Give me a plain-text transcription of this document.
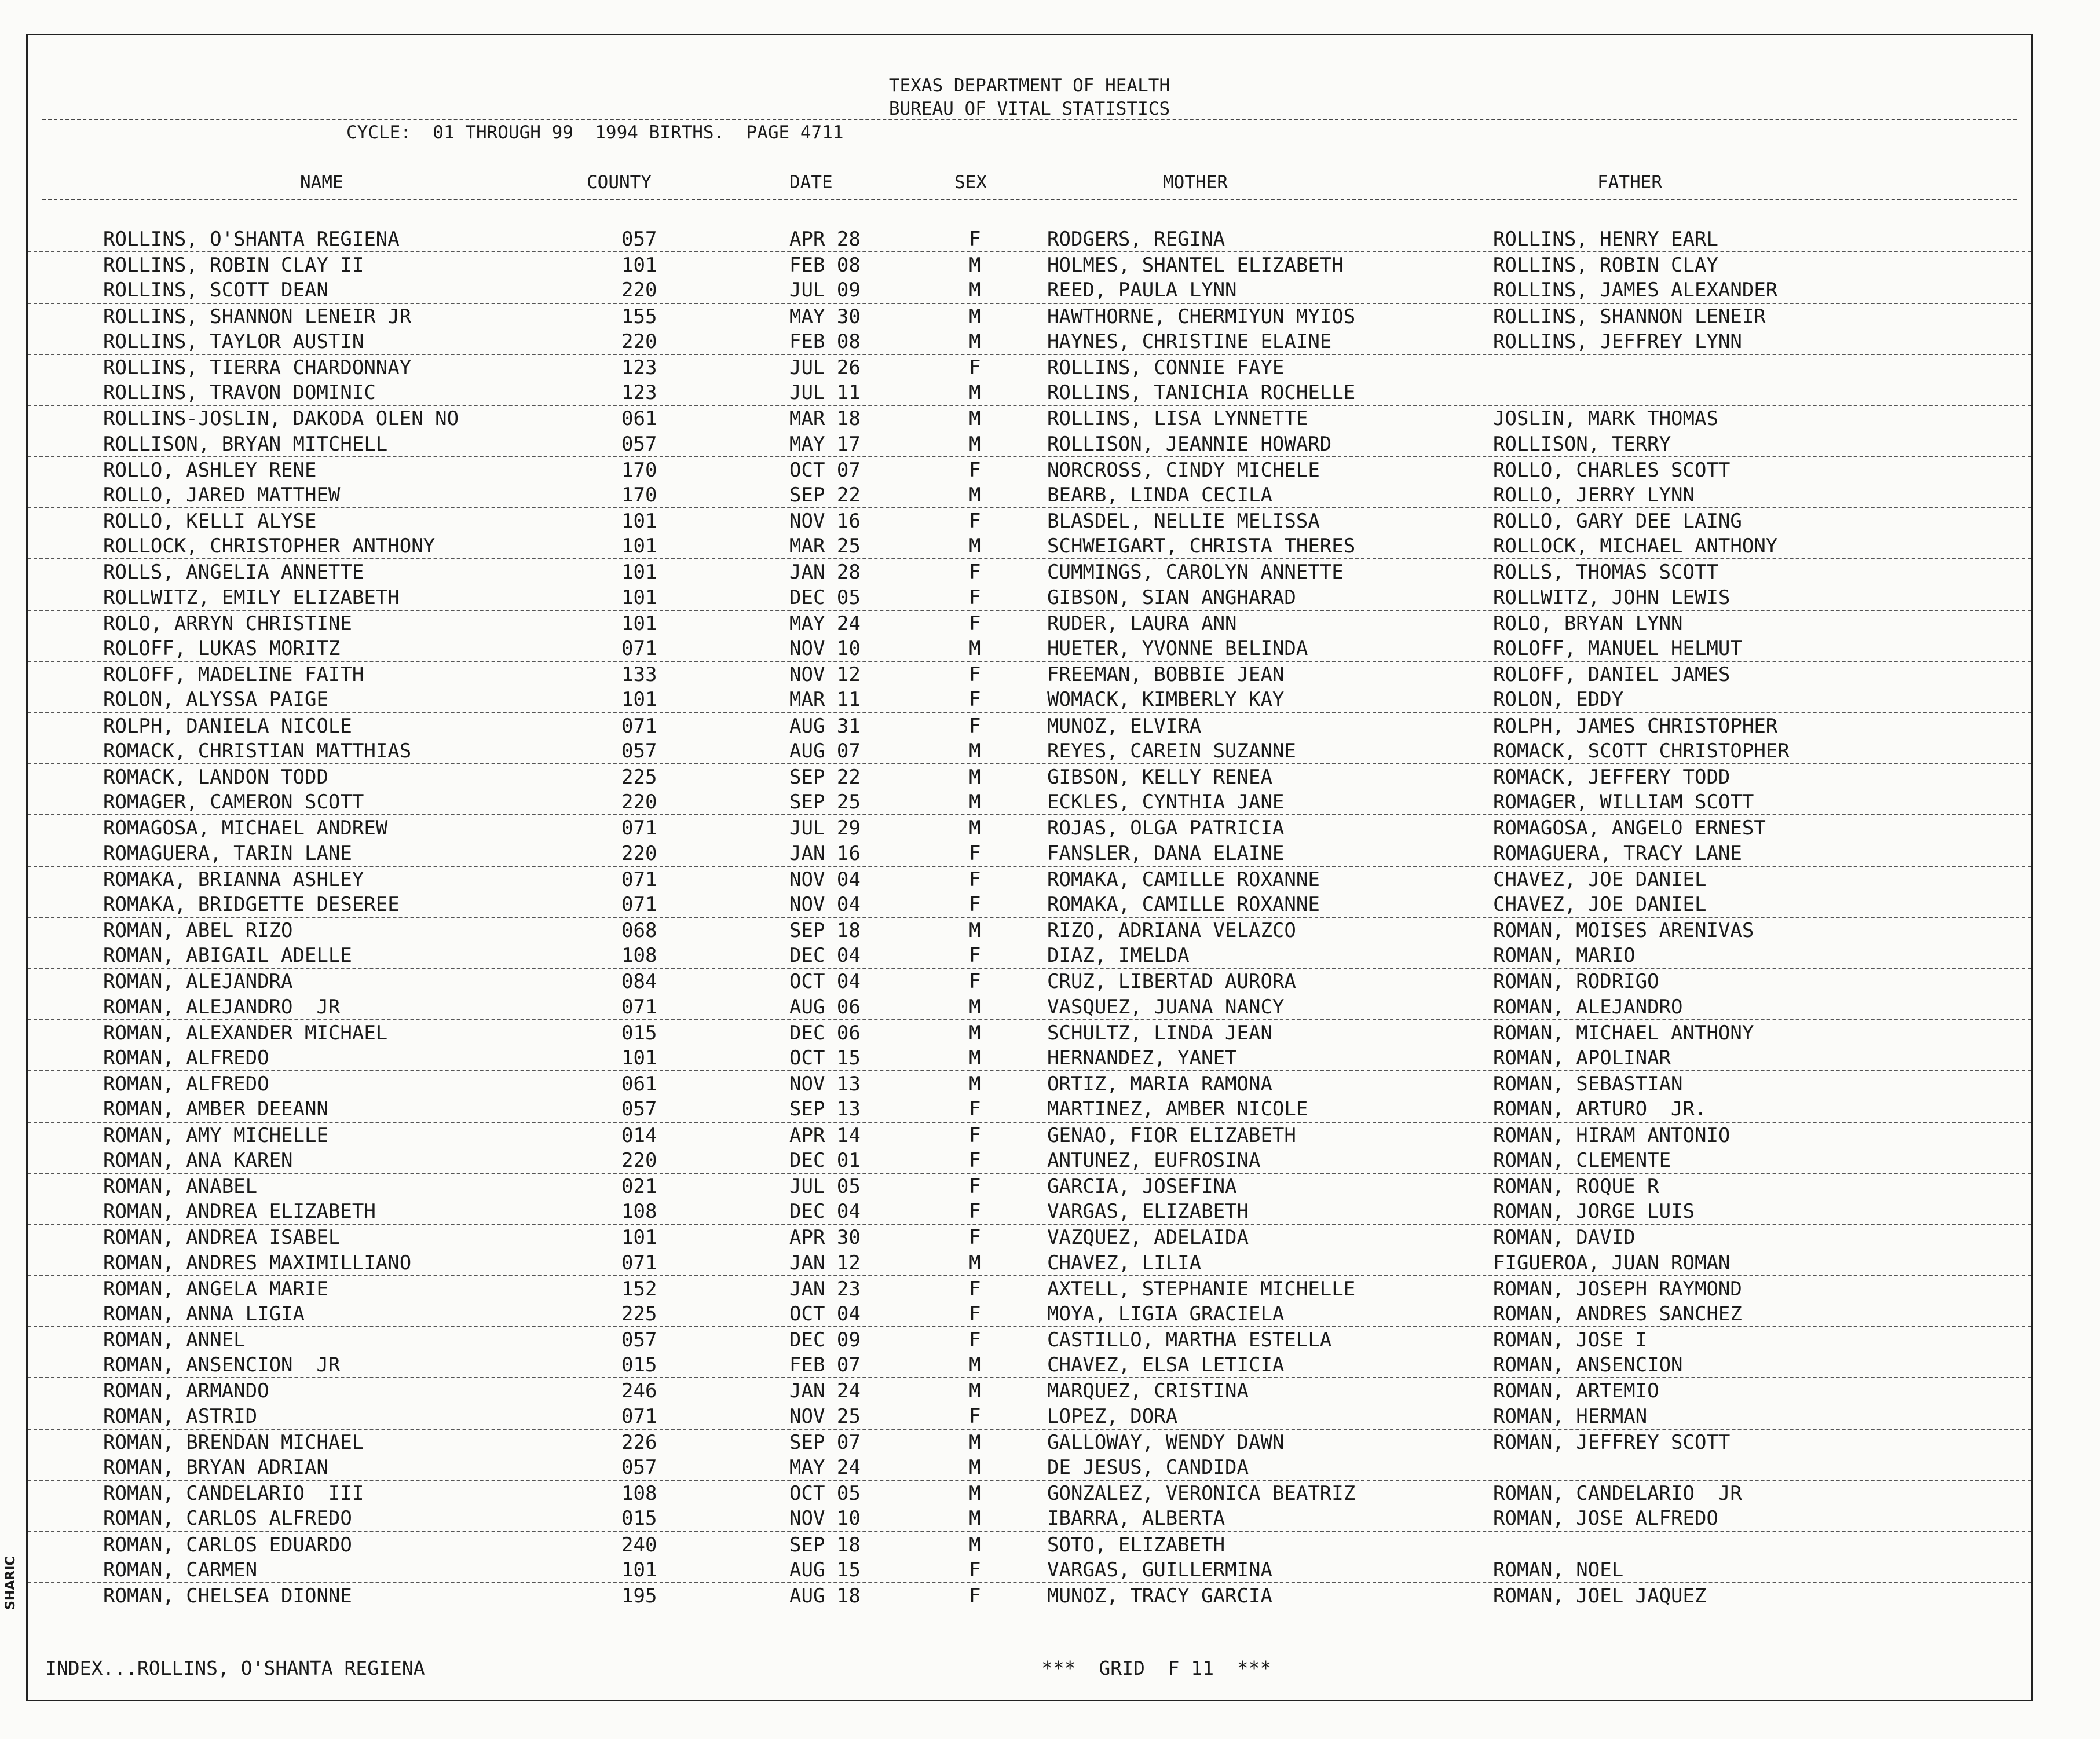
SHARIC
TEXAS DEPARTMENT OF HEALTH
BUREAU OF VITAL STATISTICS
CYCLE:  01 THROUGH 99  1994 BIRTHS.  PAGE 4711
NAME	COUNTY	DATE	SEX	MOTHER	FATHER
ROLLINS, O'SHANTA REGIENA	057	APR 28	F	RODGERS, REGINA	ROLLINS, HENRY EARL
ROLLINS, ROBIN CLAY II	101	FEB 08	M	HOLMES, SHANTEL ELIZABETH	ROLLINS, ROBIN CLAY
ROLLINS, SCOTT DEAN	220	JUL 09	M	REED, PAULA LYNN	ROLLINS, JAMES ALEXANDER
ROLLINS, SHANNON LENEIR JR	155	MAY 30	M	HAWTHORNE, CHERMIYUN MYIOS	ROLLINS, SHANNON LENEIR
ROLLINS, TAYLOR AUSTIN	220	FEB 08	M	HAYNES, CHRISTINE ELAINE	ROLLINS, JEFFREY LYNN
ROLLINS, TIERRA CHARDONNAY	123	JUL 26	F	ROLLINS, CONNIE FAYE
ROLLINS, TRAVON DOMINIC	123	JUL 11	M	ROLLINS, TANICHIA ROCHELLE
ROLLINS-JOSLIN, DAKODA OLEN NO	061	MAR 18	M	ROLLINS, LISA LYNNETTE	JOSLIN, MARK THOMAS
ROLLISON, BRYAN MITCHELL	057	MAY 17	M	ROLLISON, JEANNIE HOWARD	ROLLISON, TERRY
ROLLO, ASHLEY RENE	170	OCT 07	F	NORCROSS, CINDY MICHELE	ROLLO, CHARLES SCOTT
ROLLO, JARED MATTHEW	170	SEP 22	M	BEARB, LINDA CECILA	ROLLO, JERRY LYNN
ROLLO, KELLI ALYSE	101	NOV 16	F	BLASDEL, NELLIE MELISSA	ROLLO, GARY DEE LAING
ROLLOCK, CHRISTOPHER ANTHONY	101	MAR 25	M	SCHWEIGART, CHRISTA THERES	ROLLOCK, MICHAEL ANTHONY
ROLLS, ANGELIA ANNETTE	101	JAN 28	F	CUMMINGS, CAROLYN ANNETTE	ROLLS, THOMAS SCOTT
ROLLWITZ, EMILY ELIZABETH	101	DEC 05	F	GIBSON, SIAN ANGHARAD	ROLLWITZ, JOHN LEWIS
ROLO, ARRYN CHRISTINE	101	MAY 24	F	RUDER, LAURA ANN	ROLO, BRYAN LYNN
ROLOFF, LUKAS MORITZ	071	NOV 10	M	HUETER, YVONNE BELINDA	ROLOFF, MANUEL HELMUT
ROLOFF, MADELINE FAITH	133	NOV 12	F	FREEMAN, BOBBIE JEAN	ROLOFF, DANIEL JAMES
ROLON, ALYSSA PAIGE	101	MAR 11	F	WOMACK, KIMBERLY KAY	ROLON, EDDY
ROLPH, DANIELA NICOLE	071	AUG 31	F	MUNOZ, ELVIRA	ROLPH, JAMES CHRISTOPHER
ROMACK, CHRISTIAN MATTHIAS	057	AUG 07	M	REYES, CAREIN SUZANNE	ROMACK, SCOTT CHRISTOPHER
ROMACK, LANDON TODD	225	SEP 22	M	GIBSON, KELLY RENEA	ROMACK, JEFFERY TODD
ROMAGER, CAMERON SCOTT	220	SEP 25	M	ECKLES, CYNTHIA JANE	ROMAGER, WILLIAM SCOTT
ROMAGOSA, MICHAEL ANDREW	071	JUL 29	M	ROJAS, OLGA PATRICIA	ROMAGOSA, ANGELO ERNEST
ROMAGUERA, TARIN LANE	220	JAN 16	F	FANSLER, DANA ELAINE	ROMAGUERA, TRACY LANE
ROMAKA, BRIANNA ASHLEY	071	NOV 04	F	ROMAKA, CAMILLE ROXANNE	CHAVEZ, JOE DANIEL
ROMAKA, BRIDGETTE DESEREE	071	NOV 04	F	ROMAKA, CAMILLE ROXANNE	CHAVEZ, JOE DANIEL
ROMAN, ABEL RIZO	068	SEP 18	M	RIZO, ADRIANA VELAZCO	ROMAN, MOISES ARENIVAS
ROMAN, ABIGAIL ADELLE	108	DEC 04	F	DIAZ, IMELDA	ROMAN, MARIO
ROMAN, ALEJANDRA	084	OCT 04	F	CRUZ, LIBERTAD AURORA	ROMAN, RODRIGO
ROMAN, ALEJANDRO  JR	071	AUG 06	M	VASQUEZ, JUANA NANCY	ROMAN, ALEJANDRO
ROMAN, ALEXANDER MICHAEL	015	DEC 06	M	SCHULTZ, LINDA JEAN	ROMAN, MICHAEL ANTHONY
ROMAN, ALFREDO	101	OCT 15	M	HERNANDEZ, YANET	ROMAN, APOLINAR
ROMAN, ALFREDO	061	NOV 13	M	ORTIZ, MARIA RAMONA	ROMAN, SEBASTIAN
ROMAN, AMBER DEEANN	057	SEP 13	F	MARTINEZ, AMBER NICOLE	ROMAN, ARTURO  JR.
ROMAN, AMY MICHELLE	014	APR 14	F	GENAO, FIOR ELIZABETH	ROMAN, HIRAM ANTONIO
ROMAN, ANA KAREN	220	DEC 01	F	ANTUNEZ, EUFROSINA	ROMAN, CLEMENTE
ROMAN, ANABEL	021	JUL 05	F	GARCIA, JOSEFINA	ROMAN, ROQUE R
ROMAN, ANDREA ELIZABETH	108	DEC 04	F	VARGAS, ELIZABETH	ROMAN, JORGE LUIS
ROMAN, ANDREA ISABEL	101	APR 30	F	VAZQUEZ, ADELAIDA	ROMAN, DAVID
ROMAN, ANDRES MAXIMILLIANO	071	JAN 12	M	CHAVEZ, LILIA	FIGUEROA, JUAN ROMAN
ROMAN, ANGELA MARIE	152	JAN 23	F	AXTELL, STEPHANIE MICHELLE	ROMAN, JOSEPH RAYMOND
ROMAN, ANNA LIGIA	225	OCT 04	F	MOYA, LIGIA GRACIELA	ROMAN, ANDRES SANCHEZ
ROMAN, ANNEL	057	DEC 09	F	CASTILLO, MARTHA ESTELLA	ROMAN, JOSE I
ROMAN, ANSENCION  JR	015	FEB 07	M	CHAVEZ, ELSA LETICIA	ROMAN, ANSENCION
ROMAN, ARMANDO	246	JAN 24	M	MARQUEZ, CRISTINA	ROMAN, ARTEMIO
ROMAN, ASTRID	071	NOV 25	F	LOPEZ, DORA	ROMAN, HERMAN
ROMAN, BRENDAN MICHAEL	226	SEP 07	M	GALLOWAY, WENDY DAWN	ROMAN, JEFFREY SCOTT
ROMAN, BRYAN ADRIAN	057	MAY 24	M	DE JESUS, CANDIDA
ROMAN, CANDELARIO  III	108	OCT 05	M	GONZALEZ, VERONICA BEATRIZ	ROMAN, CANDELARIO  JR
ROMAN, CARLOS ALFREDO	015	NOV 10	M	IBARRA, ALBERTA	ROMAN, JOSE ALFREDO
ROMAN, CARLOS EDUARDO	240	SEP 18	M	SOTO, ELIZABETH
ROMAN, CARMEN	101	AUG 15	F	VARGAS, GUILLERMINA	ROMAN, NOEL
ROMAN, CHELSEA DIONNE	195	AUG 18	F	MUNOZ, TRACY GARCIA	ROMAN, JOEL JAQUEZ
INDEX...ROLLINS, O'SHANTA REGIENA	***  GRID  F 11  ***
